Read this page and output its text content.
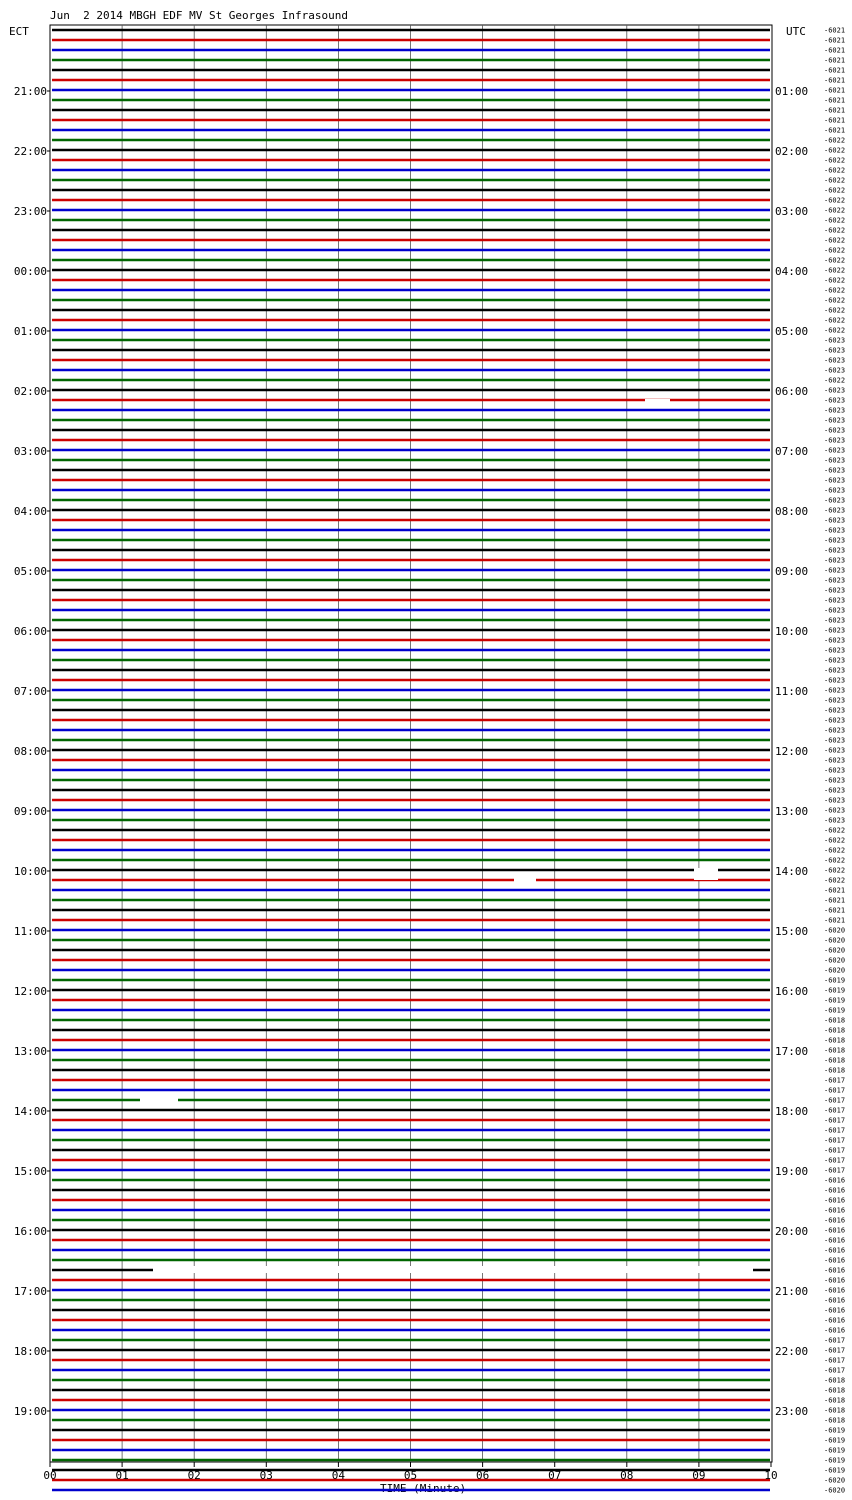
Jun  2 2014 MBGH EDF MV St Georges Infrasound
ECT	UTC
TIME (Minute)
21:00
22:00
23:00
00:00
01:00
02:00
03:00
04:00
05:00
06:00
07:00
08:00
09:00
10:00
11:00
12:00
13:00
14:00
15:00
16:00
17:00
18:00
19:00
01:00
02:00
03:00
04:00
05:00
06:00
07:00
08:00
09:00
10:00
11:00
12:00
13:00
14:00
15:00
16:00
17:00
18:00
19:00
20:00
21:00
22:00
23:00
-6021
-6021
-6021
-6021
-6021
-6021
-6021
-6021
-6021
-6021
-6021
-6022
-6022
-6022
-6022
-6022
-6022
-6022
-6022
-6022
-6022
-6022
-6022
-6022
-6022
-6022
-6022
-6022
-6022
-6022
-6022
-6023
-6023
-6023
-6023
-6022
-6023
-6023
-6023
-6023
-6023
-6023
-6023
-6023
-6023
-6023
-6023
-6023
-6023
-6023
-6023
-6023
-6023
-6023
-6023
-6023
-6023
-6023
-6023
-6023
-6023
-6023
-6023
-6023
-6023
-6023
-6023
-6023
-6023
-6023
-6023
-6023
-6023
-6023
-6023
-6023
-6023
-6023
-6023
-6023
-6022
-6022
-6022
-6022
-6022
-6022
-6021
-6021
-6021
-6021
-6020
-6020
-6020
-6020
-6020
-6019
-6019
-6019
-6019
-6018
-6018
-6018
-6018
-6018
-6018
-6017
-6017
-6017
-6017
-6017
-6017
-6017
-6017
-6017
-6017
-6016
-6016
-6016
-6016
-6016
-6016
-6016
-6016
-6016
-6016
-6016
-6016
-6016
-6016
-6016
-6016
-6017
-6017
-6017
-6017
-6018
-6018
-6018
-6018
-6018
-6019
-6019
-6019
-6019
-6019
-6020
-6020
00	01	02	03	04	05	06	07	08	09	10
